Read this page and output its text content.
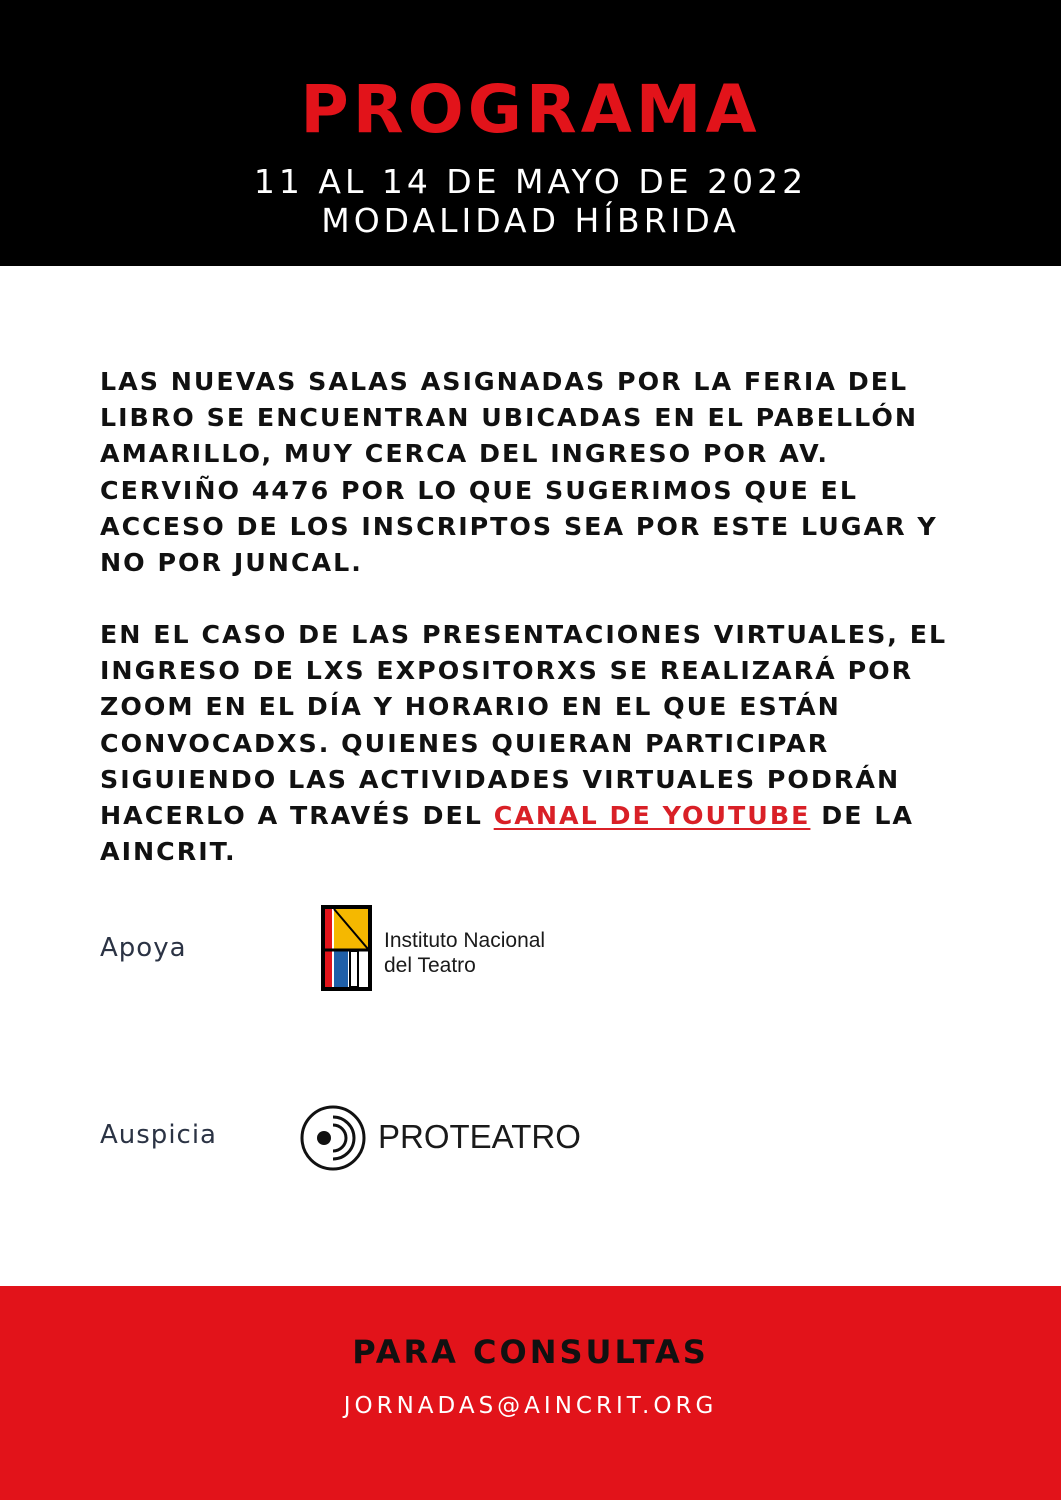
PROGRAMA
11 AL 14 DE MAYO DE 2022
MODALIDAD HÍBRIDA
LAS NUEVAS SALAS ASIGNADAS POR LA FERIA DEL LIBRO SE ENCUENTRAN UBICADAS EN EL PABELLÓN AMARILLO, MUY CERCA DEL INGRESO POR AV. CERVIÑO 4476 POR LO QUE SUGERIMOS QUE EL ACCESO DE LOS INSCRIPTOS SEA POR ESTE LUGAR Y NO POR JUNCAL.
EN EL CASO DE LAS PRESENTACIONES VIRTUALES, EL INGRESO DE LXS EXPOSITORXS SE REALIZARÁ POR ZOOM EN EL DÍA Y HORARIO EN EL QUE ESTÁN CONVOCADXS. QUIENES QUIERAN PARTICIPAR SIGUIENDO LAS ACTIVIDADES VIRTUALES PODRÁN HACERLO A TRAVÉS DEL CANAL DE YOUTUBE DE LA AINCRIT.
Apoya	Instituto Nacional
del Teatro
Auspicia	PROTEATRO
PARA CONSULTAS
JORNADAS@AINCRIT.ORG
